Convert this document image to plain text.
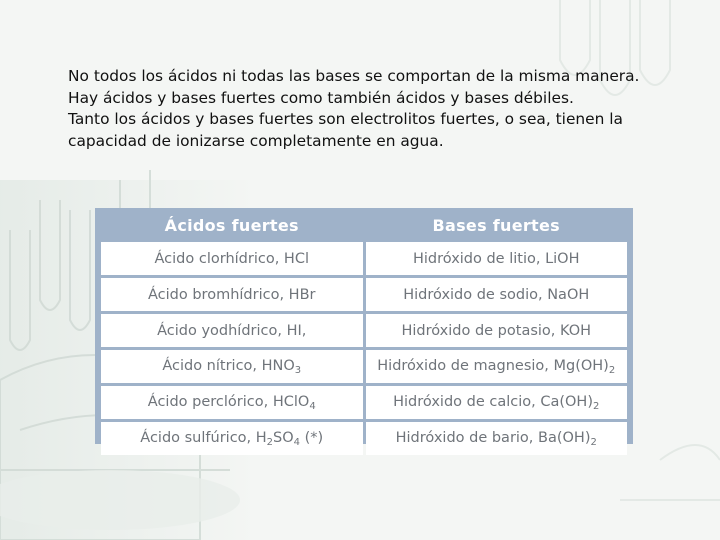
No todos los ácidos ni todas las bases se comportan de la misma manera.

Hay ácidos y bases fuertes como también ácidos y bases débiles.

Tanto los ácidos y bases fuertes son electrolitos fuertes, o sea, tienen la

capacidad de ionizarse completamente en agua.

Ácidos fuertes	Bases fuertes
Ácido clorhídrico, HCl	Hidróxido de litio, LiOH
Ácido bromhídrico, HBr	Hidróxido de sodio, NaOH
Ácido yodhídrico, HI,	Hidróxido de potasio, KOH
Ácido nítrico, $HNO_3$	Hidróxido de magnesio, $Mg(OH)_2$
Ácido perclórico, HClO$_4$	Hidróxido de calcio, $Ca(OH)_2$
Ácido sulfúrico, $H_2SO_4$ (*)	Hidróxido de bario, $Ba(OH)_2$
